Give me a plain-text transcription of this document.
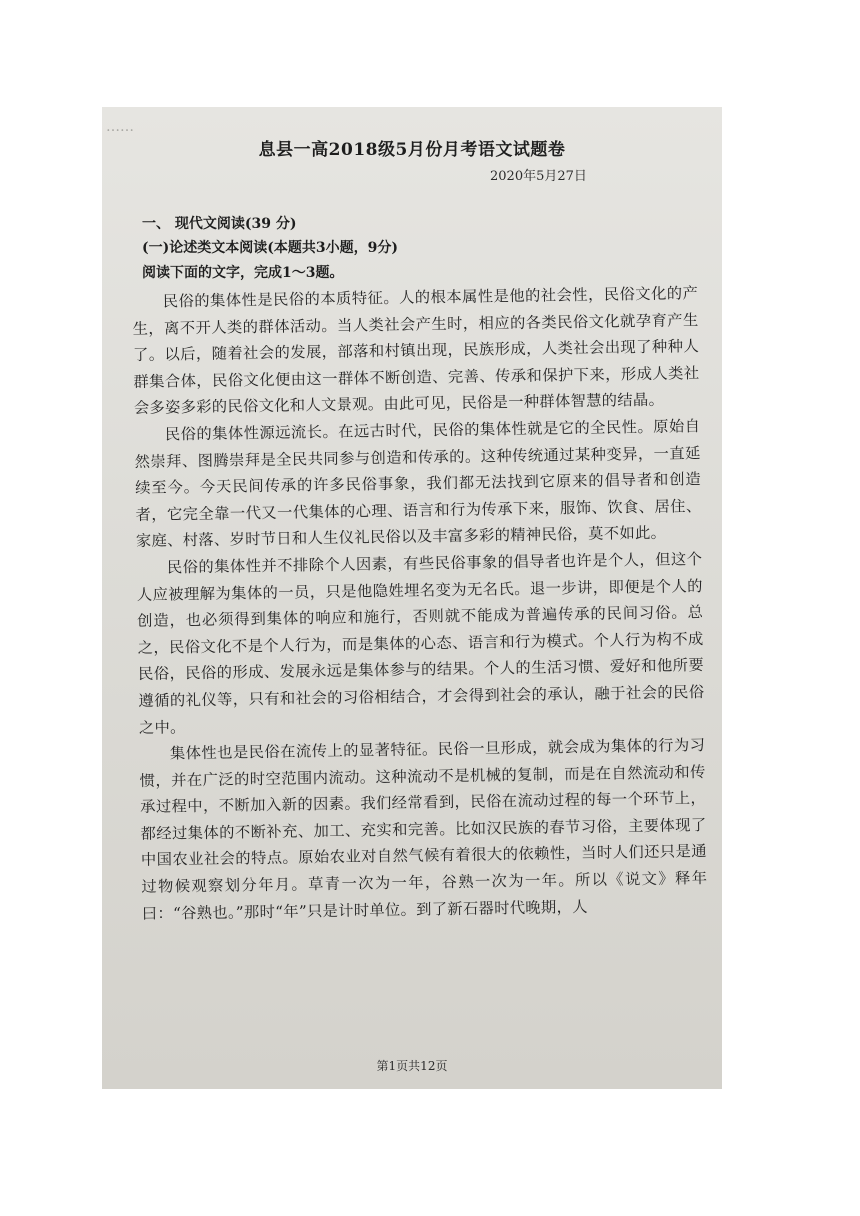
……
息县一高2018级5月份月考语文试题卷
2020年5月27日
一、 现代文阅读(39 分)
(一)论述类文本阅读(本题共3小题，9分)
阅读下面的文字，完成1～3题。

民俗的集体性是民俗的本质特征。人的根本属性是他的社会性，民俗文化的产生，离不开人类的群体活动。当人类社会产生时，相应的各类民俗文化就孕育产生了。以后，随着社会的发展，部落和村镇出现，民族形成，人类社会出现了种种人群集合体，民俗文化便由这一群体不断创造、完善、传承和保护下来，形成人类社会多姿多彩的民俗文化和人文景观。由此可见，民俗是一种群体智慧的结晶。

民俗的集体性源远流长。在远古时代，民俗的集体性就是它的全民性。原始自然崇拜、图腾崇拜是全民共同参与创造和传承的。这种传统通过某种变异，一直延续至今。今天民间传承的许多民俗事象，我们都无法找到它原来的倡导者和创造者，它完全靠一代又一代集体的心理、语言和行为传承下来，服饰、饮食、居住、家庭、村落、岁时节日和人生仪礼民俗以及丰富多彩的精神民俗，莫不如此。

民俗的集体性并不排除个人因素，有些民俗事象的倡导者也许是个人，但这个人应被理解为集体的一员，只是他隐姓埋名变为无名氏。退一步讲，即便是个人的创造，也必须得到集体的响应和施行，否则就不能成为普遍传承的民间习俗。总之，民俗文化不是个人行为，而是集体的心态、语言和行为模式。个人行为构不成民俗，民俗的形成、发展永远是集体参与的结果。个人的生活习惯、爱好和他所要遵循的礼仪等，只有和社会的习俗相结合，才会得到社会的承认，融于社会的民俗之中。

集体性也是民俗在流传上的显著特征。民俗一旦形成，就会成为集体的行为习惯，并在广泛的时空范围内流动。这种流动不是机械的复制，而是在自然流动和传承过程中，不断加入新的因素。我们经常看到，民俗在流动过程的每一个环节上，都经过集体的不断补充、加工、充实和完善。比如汉民族的春节习俗，主要体现了中国农业社会的特点。原始农业对自然气候有着很大的依赖性，当时人们还只是通过物候观察划分年月。草青一次为一年，谷熟一次为一年。所以《说文》释年曰：“谷熟也。”那时“年”只是计时单位。到了新石器时代晚期，人

第1页共12页
